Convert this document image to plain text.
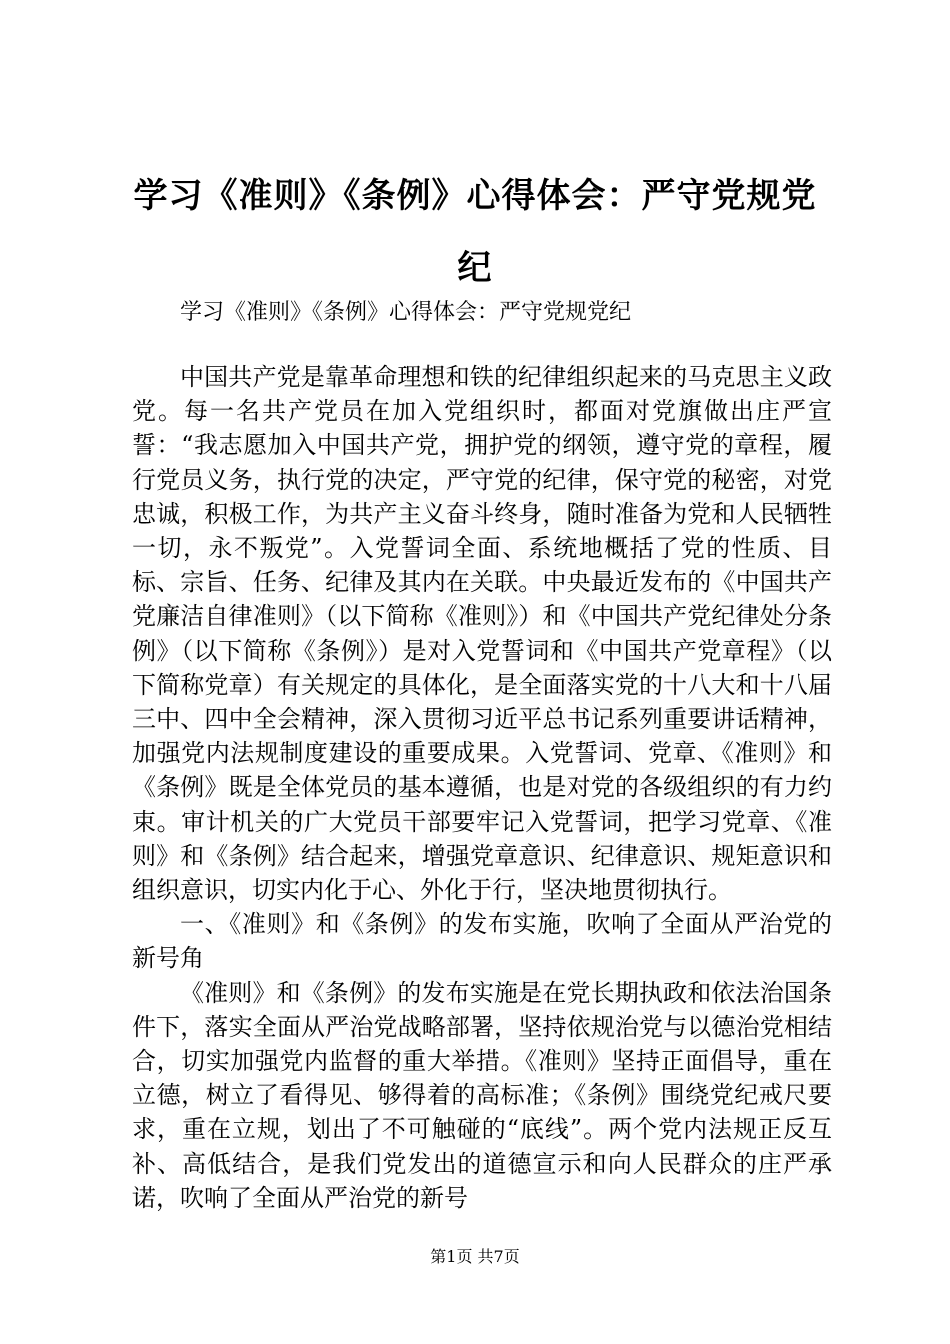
学习《准则》《条例》心得体会：严守党规党纪
学习《准则》《条例》心得体会：严守党规党纪

中国共产党是靠革命理想和铁的纪律组织起来的马克思主义政党。每一名共产党员在加入党组织时，都面对党旗做出庄严宣誓：“我志愿加入中国共产党，拥护党的纲领，遵守党的章程，履行党员义务，执行党的决定，严守党的纪律，保守党的秘密，对党忠诚，积极工作，为共产主义奋斗终身，随时准备为党和人民牺牲一切，永不叛党”。入党誓词全面、系统地概括了党的性质、目标、宗旨、任务、纪律及其内在关联。中央最近发布的《中国共产党廉洁自律准则》（以下简称《准则》）和《中国共产党纪律处分条例》（以下简称《条例》）是对入党誓词和《中国共产党章程》（以下简称党章）有关规定的具体化，是全面落实党的十八大和十八届三中、四中全会精神，深入贯彻习近平总书记系列重要讲话精神，加强党内法规制度建设的重要成果。入党誓词、党章、《准则》和《条例》既是全体党员的基本遵循，也是对党的各级组织的有力约束。审计机关的广大党员干部要牢记入党誓词，把学习党章、《准则》和《条例》结合起来，增强党章意识、纪律意识、规矩意识和组织意识，切实内化于心、外化于行，坚决地贯彻执行。

一、《准则》和《条例》的发布实施，吹响了全面从严治党的新号角

《准则》和《条例》的发布实施是在党长期执政和依法治国条件下，落实全面从严治党战略部署，坚持依规治党与以德治党相结合，切实加强党内监督的重大举措。《准则》坚持正面倡导，重在立德，树立了看得见、够得着的高标准；《条例》围绕党纪戒尺要求，重在立规，划出了不可触碰的“底线”。两个党内法规正反互补、高低结合，是我们党发出的道德宣示和向人民群众的庄严承诺，吹响了全面从严治党的新号

第1页 共7页
